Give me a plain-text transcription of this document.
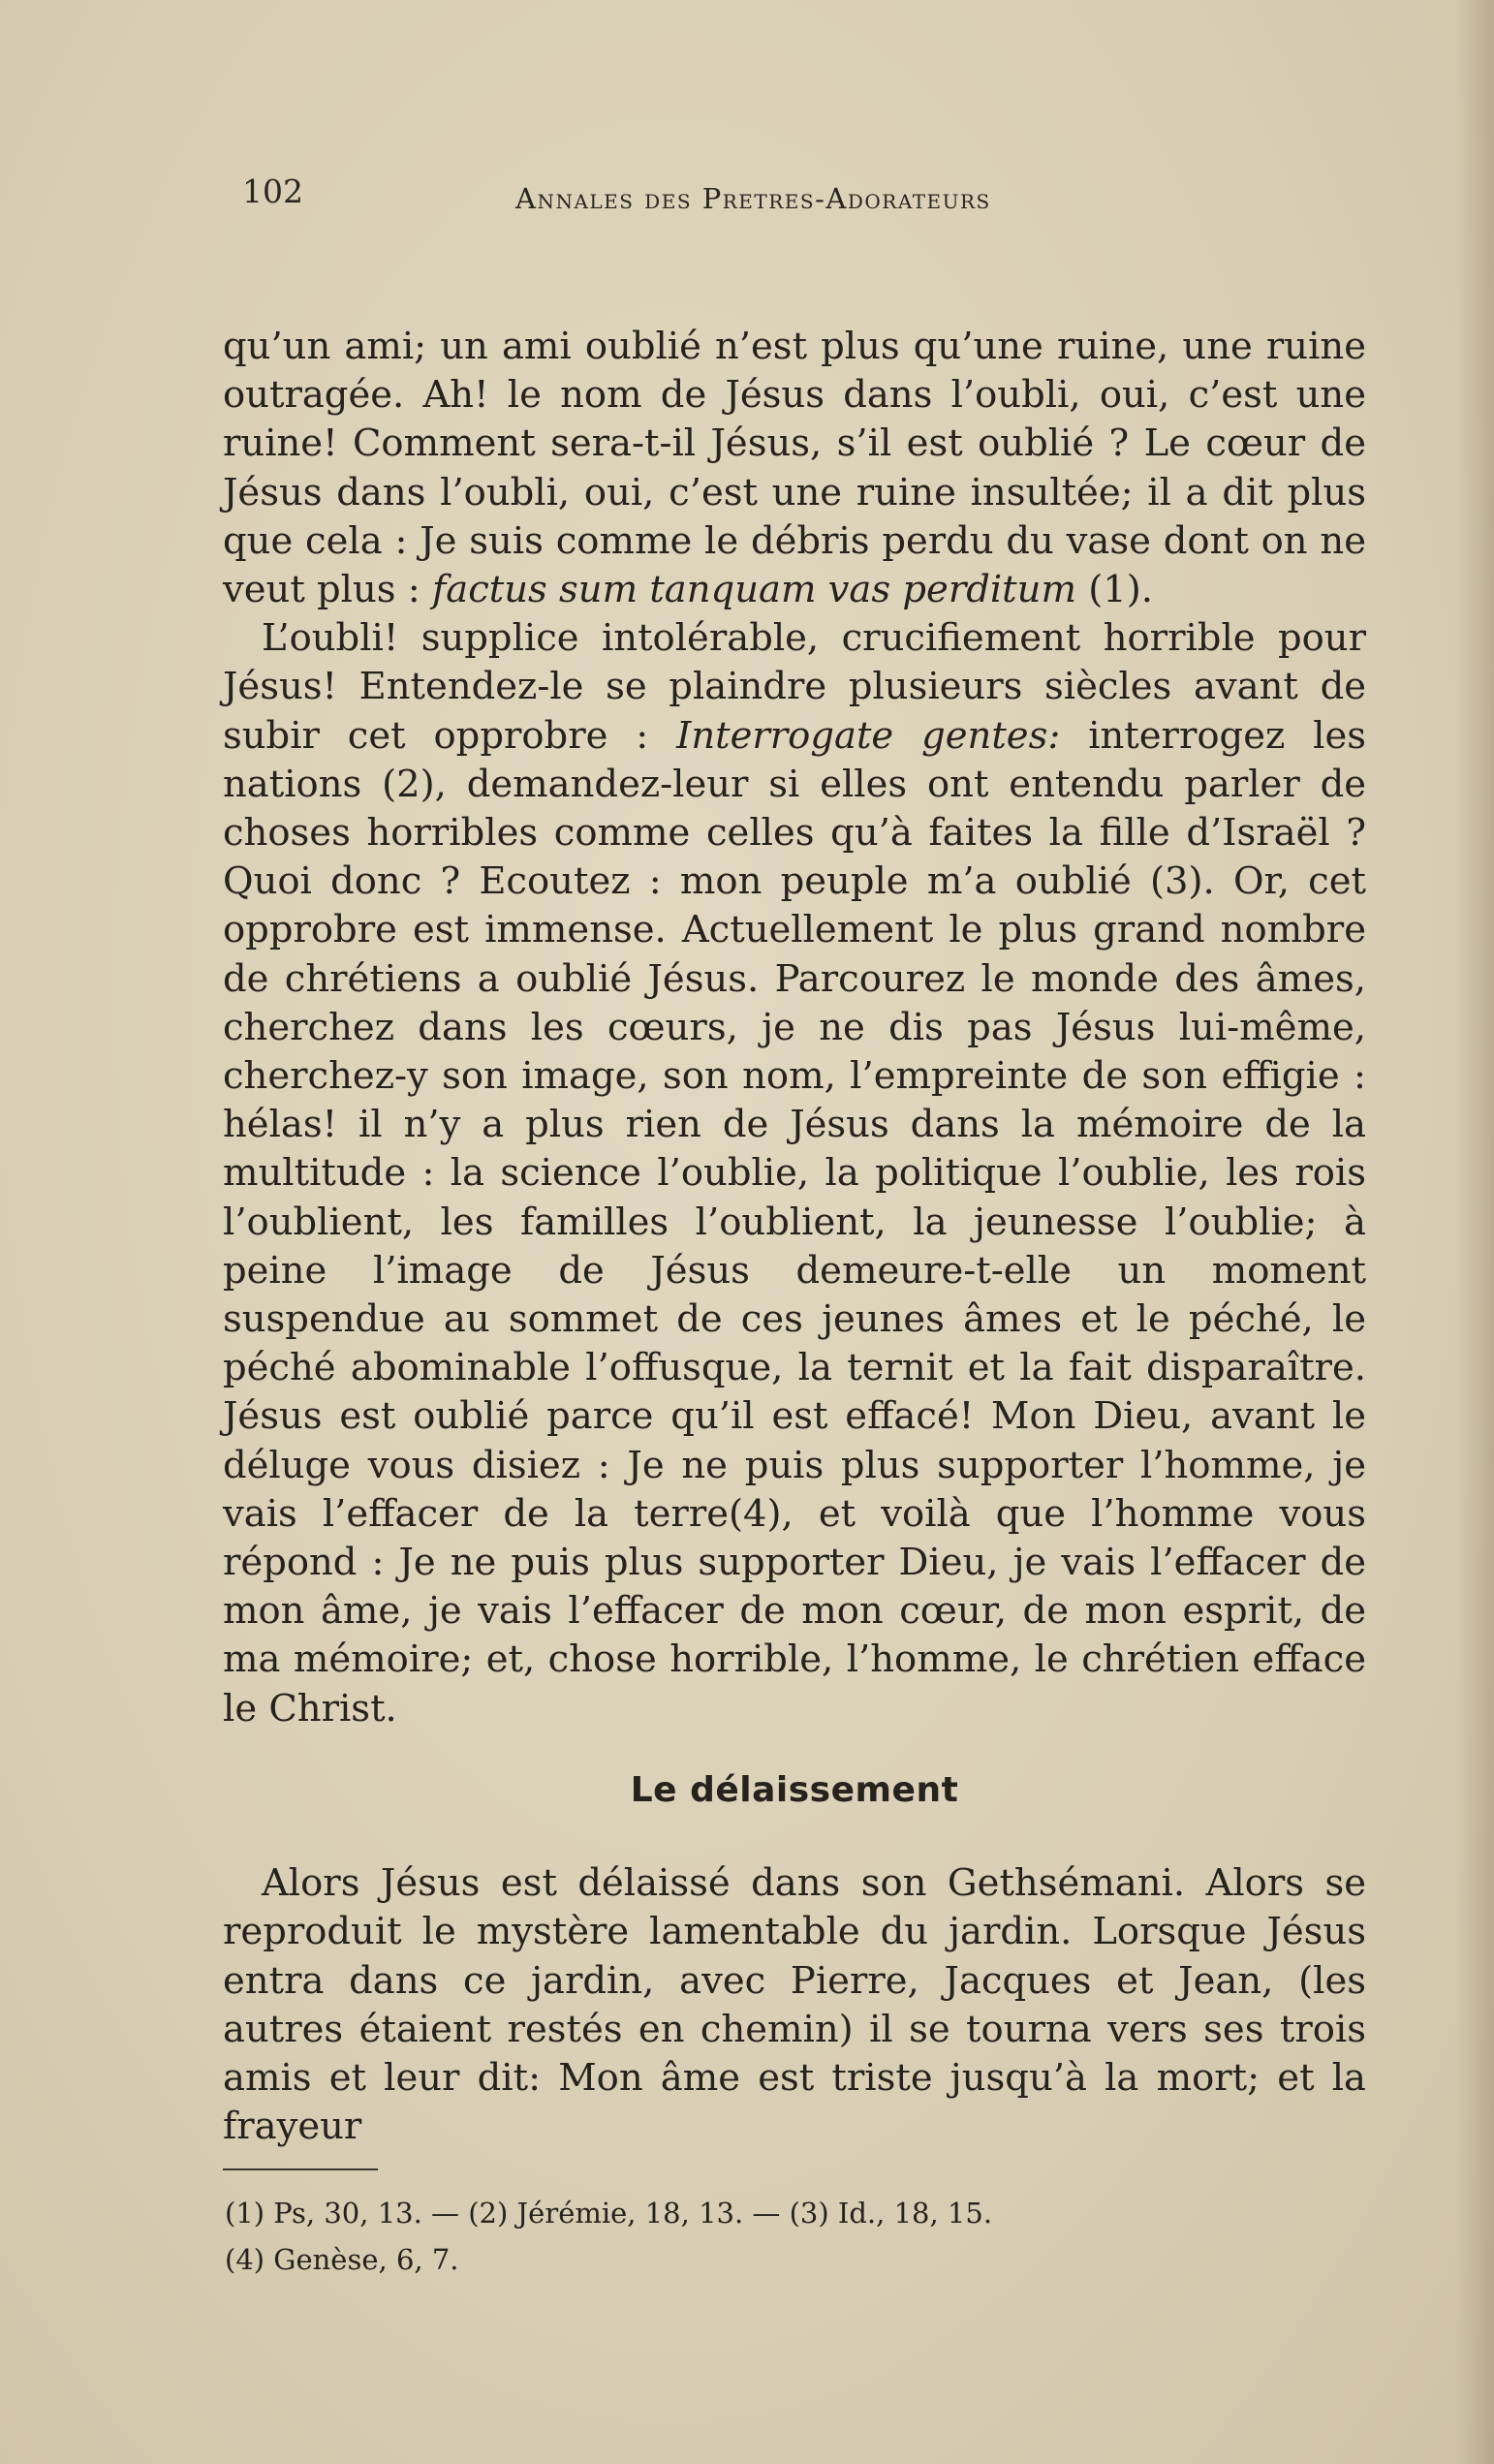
102	Annales des Pretres-Adorateurs

qu’un ami; un ami oublié n’est plus qu’une ruine, une ruine outragée. Ah! le nom de Jésus dans l’oubli, oui, c’est une ruine! Comment sera-t-il Jésus, s’il est oublié ? Le cœur de Jésus dans l’oubli, oui, c’est une ruine insultée; il a dit plus que cela : Je suis comme le débris perdu du vase dont on ne veut plus : factus sum tanquam vas perditum (1).

L’oubli! supplice intolérable, crucifiement horrible pour Jésus! Entendez-le se plaindre plusieurs siècles avant de subir cet opprobre : Interrogate gentes: interrogez les nations (2), demandez-leur si elles ont entendu parler de choses horribles comme celles qu’à faites la fille d’Israël ? Quoi donc ? Ecoutez : mon peuple m’a oublié (3). Or, cet opprobre est immense. Actuellement le plus grand nombre de chrétiens a oublié Jésus. Parcourez le monde des âmes, cherchez dans les cœurs, je ne dis pas Jésus lui-même, cherchez-y son image, son nom, l’empreinte de son effigie : hélas! il n’y a plus rien de Jésus dans la mémoire de la multitude : la science l’oublie, la politique l’oublie, les rois l’oublient, les familles l’oublient, la jeunesse l’oublie; à peine l’image de Jésus demeure-t-elle un moment suspendue au sommet de ces jeunes âmes et le péché, le péché abominable l’offusque, la ternit et la fait disparaître. Jésus est oublié parce qu’il est effacé! Mon Dieu, avant le déluge vous disiez : Je ne puis plus supporter l’homme, je vais l’effacer de la terre(4), et voilà que l’homme vous répond : Je ne puis plus supporter Dieu, je vais l’effacer de mon âme, je vais l’effacer de mon cœur, de mon esprit, de ma mémoire; et, chose horrible, l’homme, le chrétien efface le Christ.

Le délaissement

Alors Jésus est délaissé dans son Gethsémani. Alors se reproduit le mystère lamentable du jardin. Lorsque Jésus entra dans ce jardin, avec Pierre, Jacques et Jean, (les autres étaient restés en chemin) il se tourna vers ses trois amis et leur dit: Mon âme est triste jusqu’à la mort; et la frayeur

(1) Ps, 30, 13. — (2) Jérémie, 18, 13. — (3) Id., 18, 15.
(4) Genèse, 6, 7.
